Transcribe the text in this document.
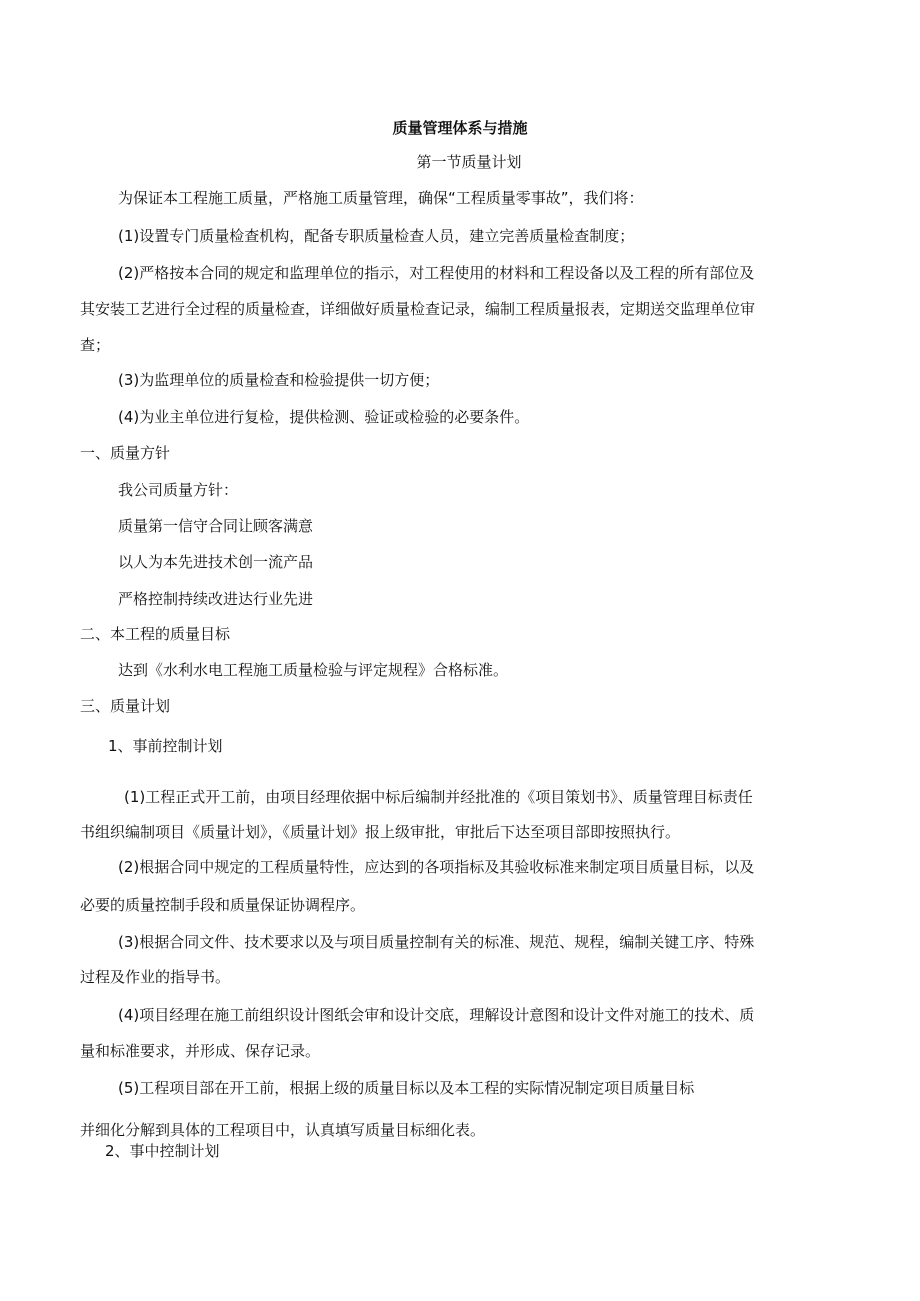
质量管理体系与措施
第一节质量计划
为保证本工程施工质量，严格施工质量管理，确保“工程质量零事故”，我们将：
(1)设置专门质量检查机构，配备专职质量检查人员，建立完善质量检查制度；
(2)严格按本合同的规定和监理单位的指示，对工程使用的材料和工程设备以及工程的所有部位及
其安装工艺进行全过程的质量检查，详细做好质量检查记录，编制工程质量报表，定期送交监理单位审
查；
(3)为监理单位的质量检查和检验提供一切方便；
(4)为业主单位进行复检，提供检测、验证或检验的必要条件。
一、质量方针
我公司质量方针：
质量第一信守合同让顾客满意
以人为本先进技术创一流产品
严格控制持续改进达行业先进
二、本工程的质量目标
达到《水利水电工程施工质量检验与评定规程》合格标准。
三、质量计划
1、事前控制计划
(1)工程正式开工前，由项目经理依据中标后编制并经批准的《项目策划书》、质量管理目标责任
书组织编制项目《质量计划》，《质量计划》报上级审批，审批后下达至项目部即按照执行。
(2)根据合同中规定的工程质量特性，应达到的各项指标及其验收标准来制定项目质量目标，以及
必要的质量控制手段和质量保证协调程序。
(3)根据合同文件、技术要求以及与项目质量控制有关的标准、规范、规程，编制关键工序、特殊
过程及作业的指导书。
(4)项目经理在施工前组织设计图纸会审和设计交底，理解设计意图和设计文件对施工的技术、质
量和标准要求，并形成、保存记录。
(5)工程项目部在开工前，根据上级的质量目标以及本工程的实际情况制定项目质量目标
并细化分解到具体的工程项目中，认真填写质量目标细化表。
2、事中控制计划
